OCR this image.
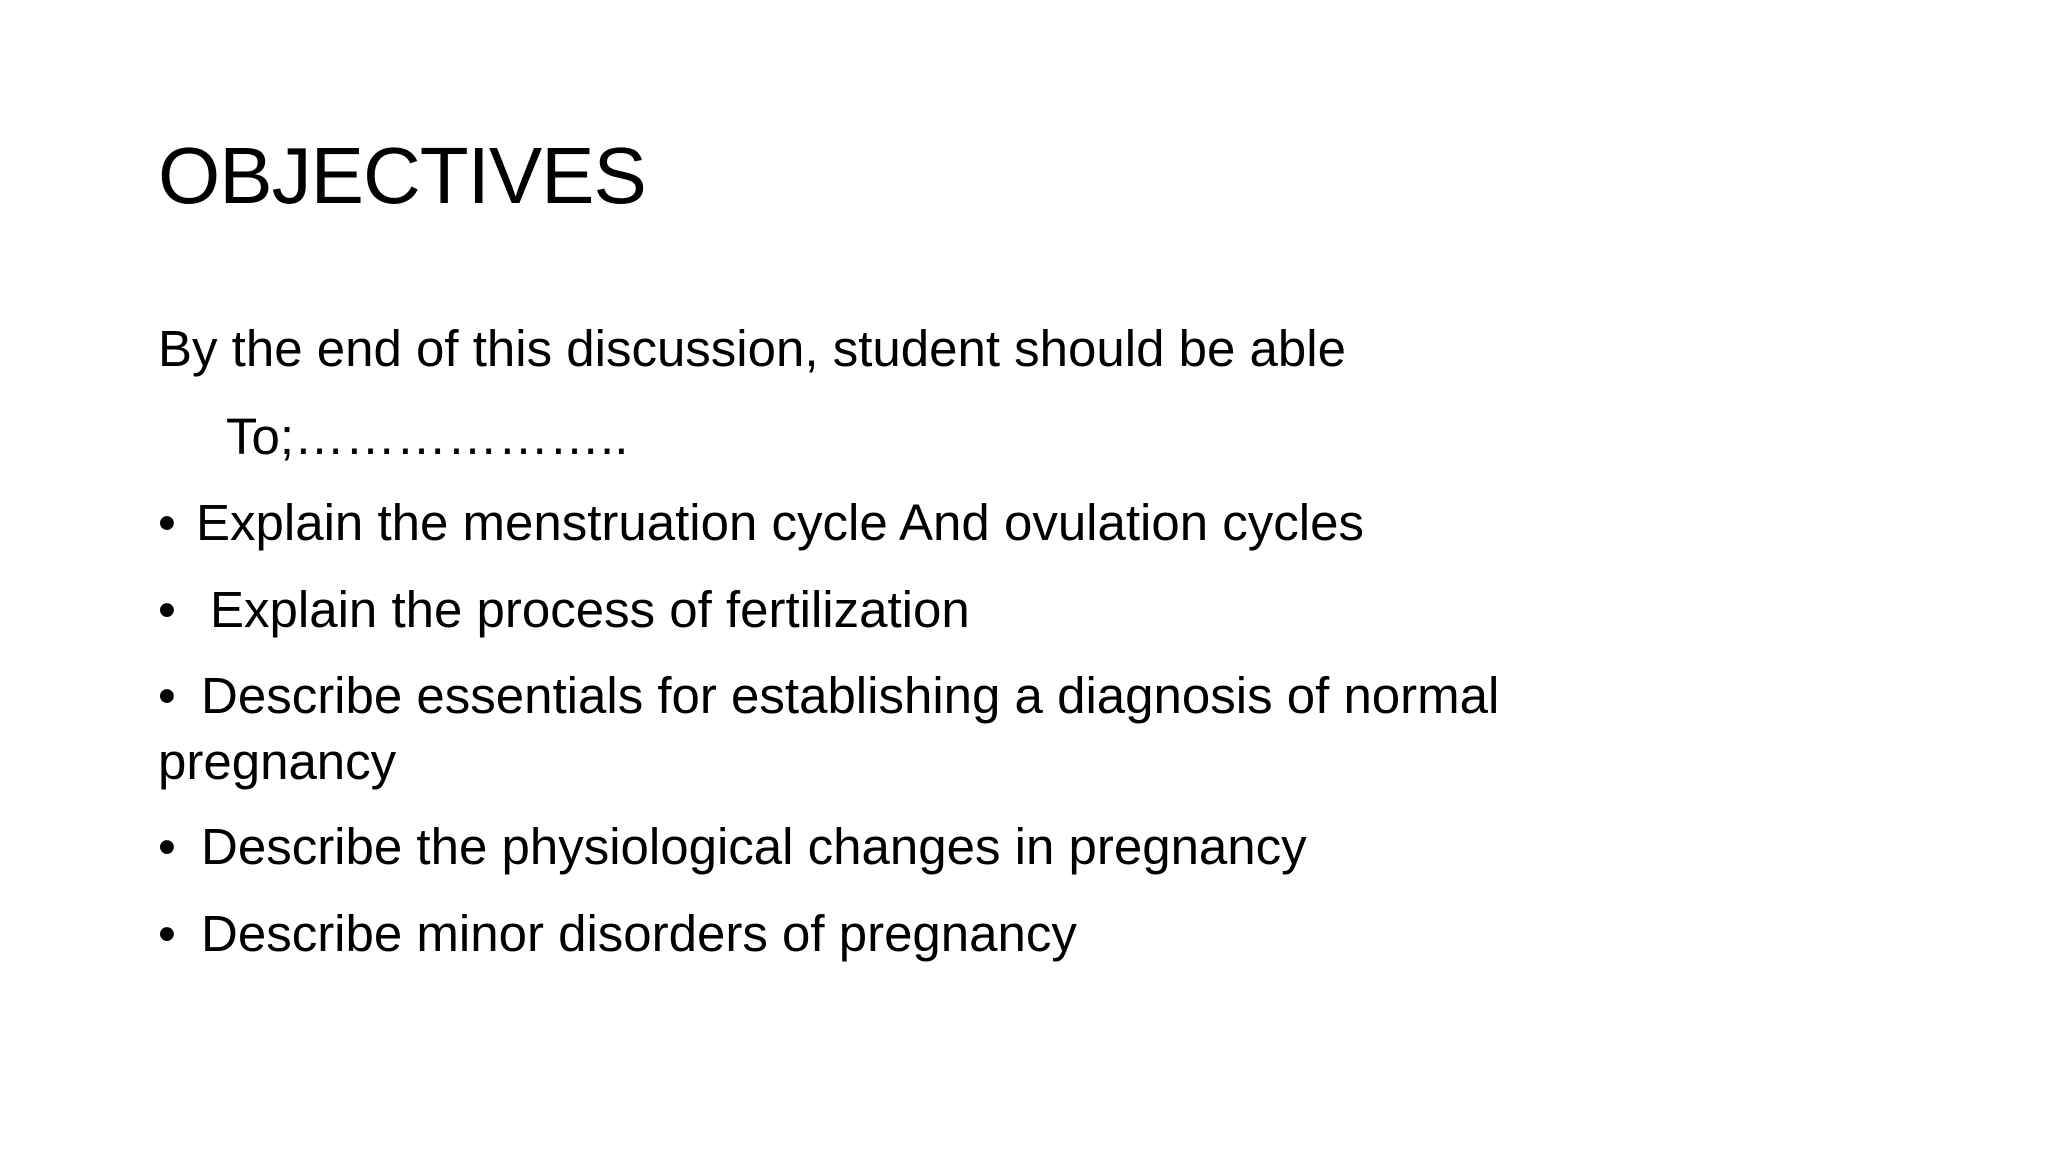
OBJECTIVES

By the end of this discussion, student should be able

To;………………..

• Explain the menstruation cycle And ovulation cycles

• Explain the process of fertilization

• Describe essentials for establishing a diagnosis of normal pregnancy

• Describe the physiological changes in pregnancy

• Describe minor disorders of pregnancy
